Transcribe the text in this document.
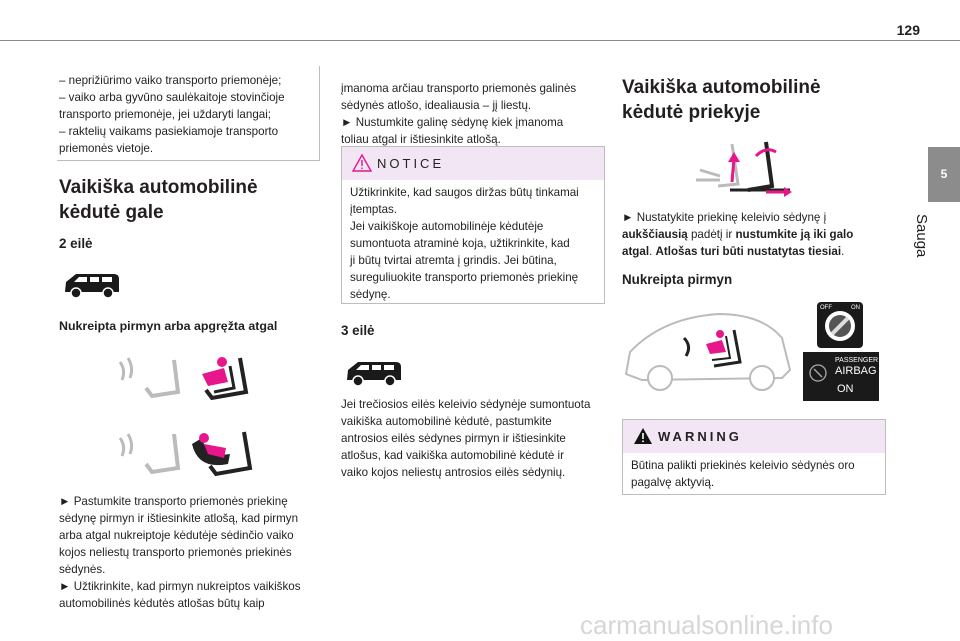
129
5
Sauga

– neprižiūrimo vaiko transporto priemonėje;

– vaiko arba gyvūno saulėkaitoje stovinčioje

transporto priemonėje, jei uždaryti langai;

– raktelių vaikams pasiekiamoje transporto

priemonės vietoje.

Vaikiška automobilinė
kėdutė gale
2 eilė
Nukreipta pirmyn arba apgręžta atgal

► Pastumkite transporto priemonės priekinę

sėdynę pirmyn ir ištiesinkite atlošą, kad pirmyn

arba atgal nukreiptoje kėdutėje sėdinčio vaiko

kojos neliestų transporto priemonės priekinės

sėdynės.

► Užtikrinkite, kad pirmyn nukreiptos vaikiškos

automobilinės kėdutės atlošas būtų kaip

įmanoma arčiau transporto priemonės galinės

sėdynės atlošo, idealiausia – jį liestų.

► Nustumkite galinę sėdynę kiek įmanoma

toliau atgal ir ištiesinkite atlošą.

NOTICE

Užtikrinkite, kad saugos diržas būtų tinkamai

įtemptas.

Jei vaikiškoje automobilinėje kėdutėje

sumontuota atraminė koja, užtikrinkite, kad

ji būtų tvirtai atremta į grindis. Jei būtina,

sureguliuokite transporto priemonės priekinę

sėdynę.

3 eilė

Jei trečiosios eilės keleivio sėdynėje sumontuota

vaikiška automobilinė kėdutė, pastumkite

antrosios eilės sėdynes pirmyn ir ištiesinkite

atlošus, kad vaikiška automobilinė kėdutė ir

vaiko kojos neliestų antrosios eilės sėdynių.

Vaikiška automobilinė
kėdutė priekyje

► Nustatykite priekinę keleivio sėdynę į
aukščiausią padėtį ir nustumkite ją iki galo
atgal. Atlošas turi būti nustatytas tiesiai.

Nukreipta pirmyn
OFF	ON
PASSENGER
AIRBAG
ON
WARNING

Būtina palikti priekinės keleivio sėdynės oro

pagalvę aktyvią.

carmanualsonline.info
